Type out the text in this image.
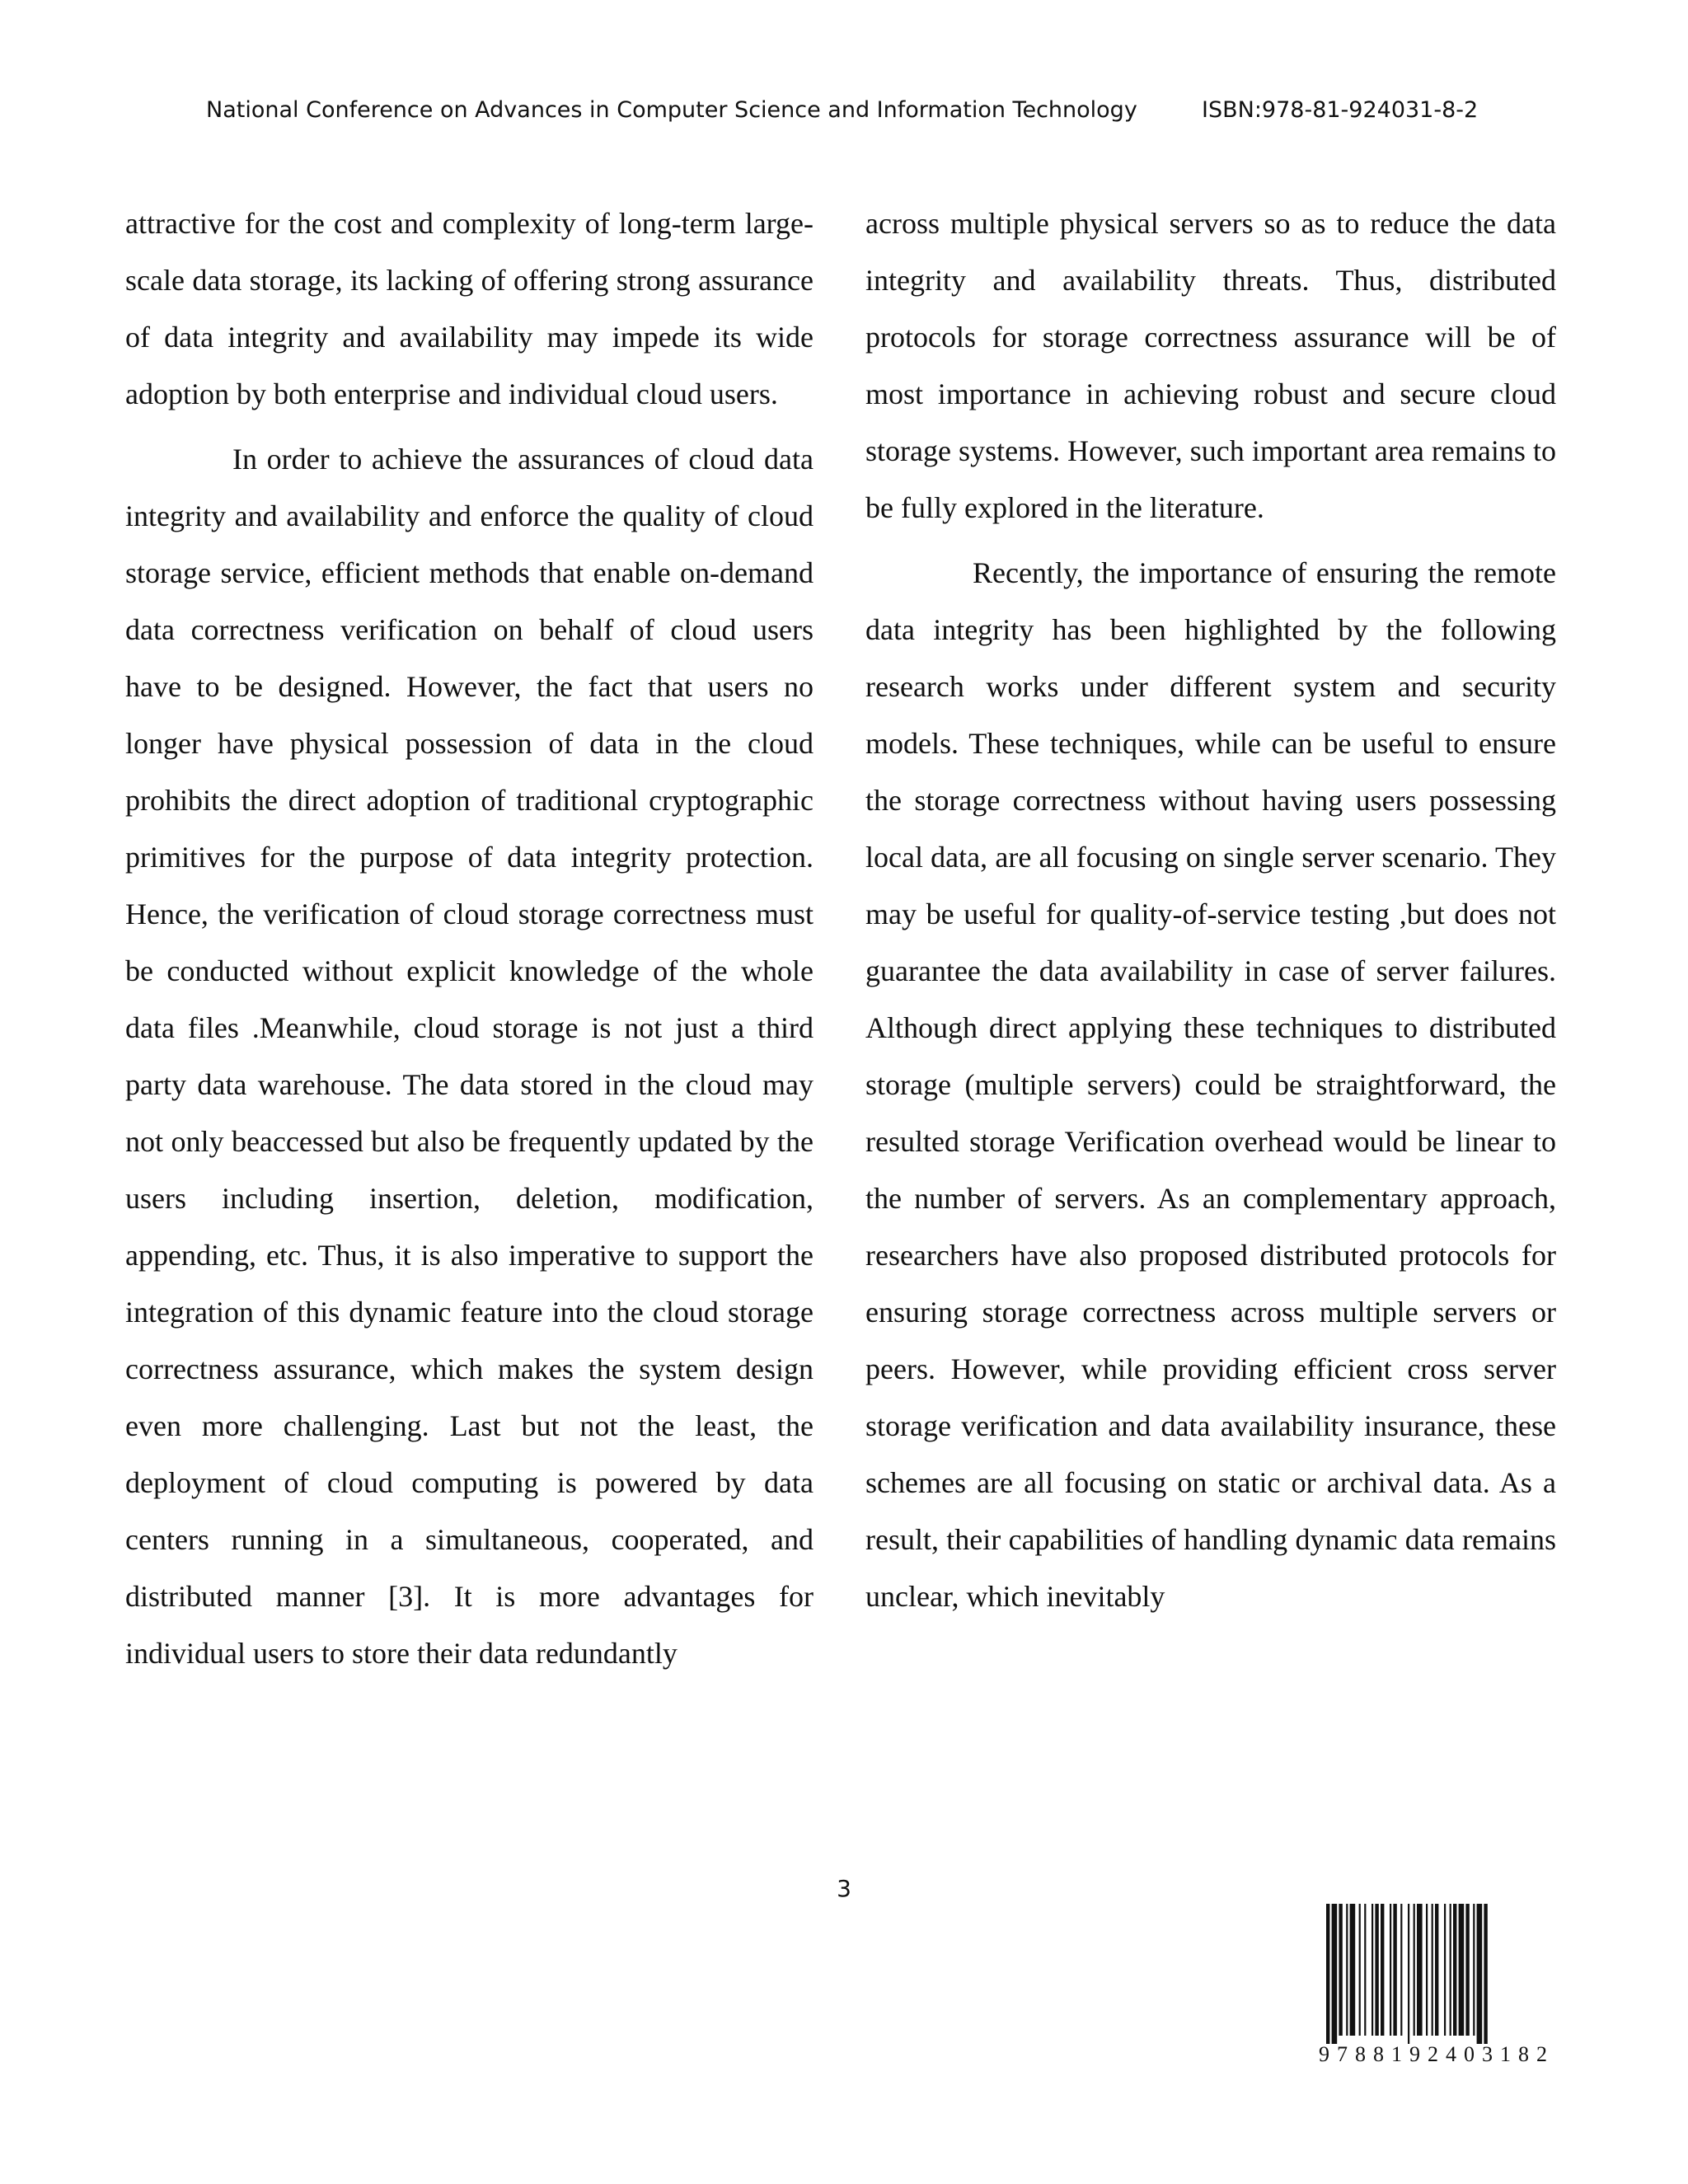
National Conference on Advances in Computer Science and Information Technology	ISBN:978-81-924031-8-2

attractive for the cost and complexity of long-term large-scale data storage, its lacking of offering strong assurance of data integrity and availability may impede its wide adoption by both enterprise and individual cloud users.

In order to achieve the assurances of cloud data integrity and availability and enforce the quality of cloud storage service, efficient methods that enable on-demand data correctness verification on behalf of cloud users have to be designed. However, the fact that users no longer have physical possession of data in the cloud prohibits the direct adoption of traditional cryptographic primitives for the purpose of data integrity protection. Hence, the verification of cloud storage correctness must be conducted without explicit knowledge of the whole data files .Meanwhile, cloud storage is not just a third party data warehouse. The data stored in the cloud may not only beaccessed but also be frequently updated by the users including insertion, deletion, modification, appending, etc. Thus, it is also imperative to support the integration of this dynamic feature into the cloud storage correctness assurance, which makes the system design even more challenging. Last but not the least, the deployment of cloud computing is powered by data centers running in a simultaneous, cooperated, and distributed manner [3]. It is more advantages for individual users to store their data redundantly

across multiple physical servers so as to reduce the data integrity and availability threats. Thus, distributed protocols for storage correctness assurance will be of most importance in achieving robust and secure cloud storage systems. However, such important area remains to be fully explored in the literature.

Recently, the importance of ensuring the remote data integrity has been highlighted by the following research works under different system and security models. These techniques, while can be useful to ensure the storage correctness without having users possessing local data, are all focusing on single server scenario. They may be useful for quality-of-service testing ,but does not guarantee the data availability in case of server failures. Although direct applying these techniques to distributed storage (multiple servers) could be straightforward, the resulted storage Verification overhead would be linear to the number of servers. As an complementary approach, researchers have also proposed distributed protocols for ensuring storage correctness across multiple servers or peers. However, while providing efficient cross server storage verification and data availability insurance, these schemes are all focusing on static or archival data. As a result, their capabilities of handling dynamic data remains unclear, which inevitably

3
9788192403182
